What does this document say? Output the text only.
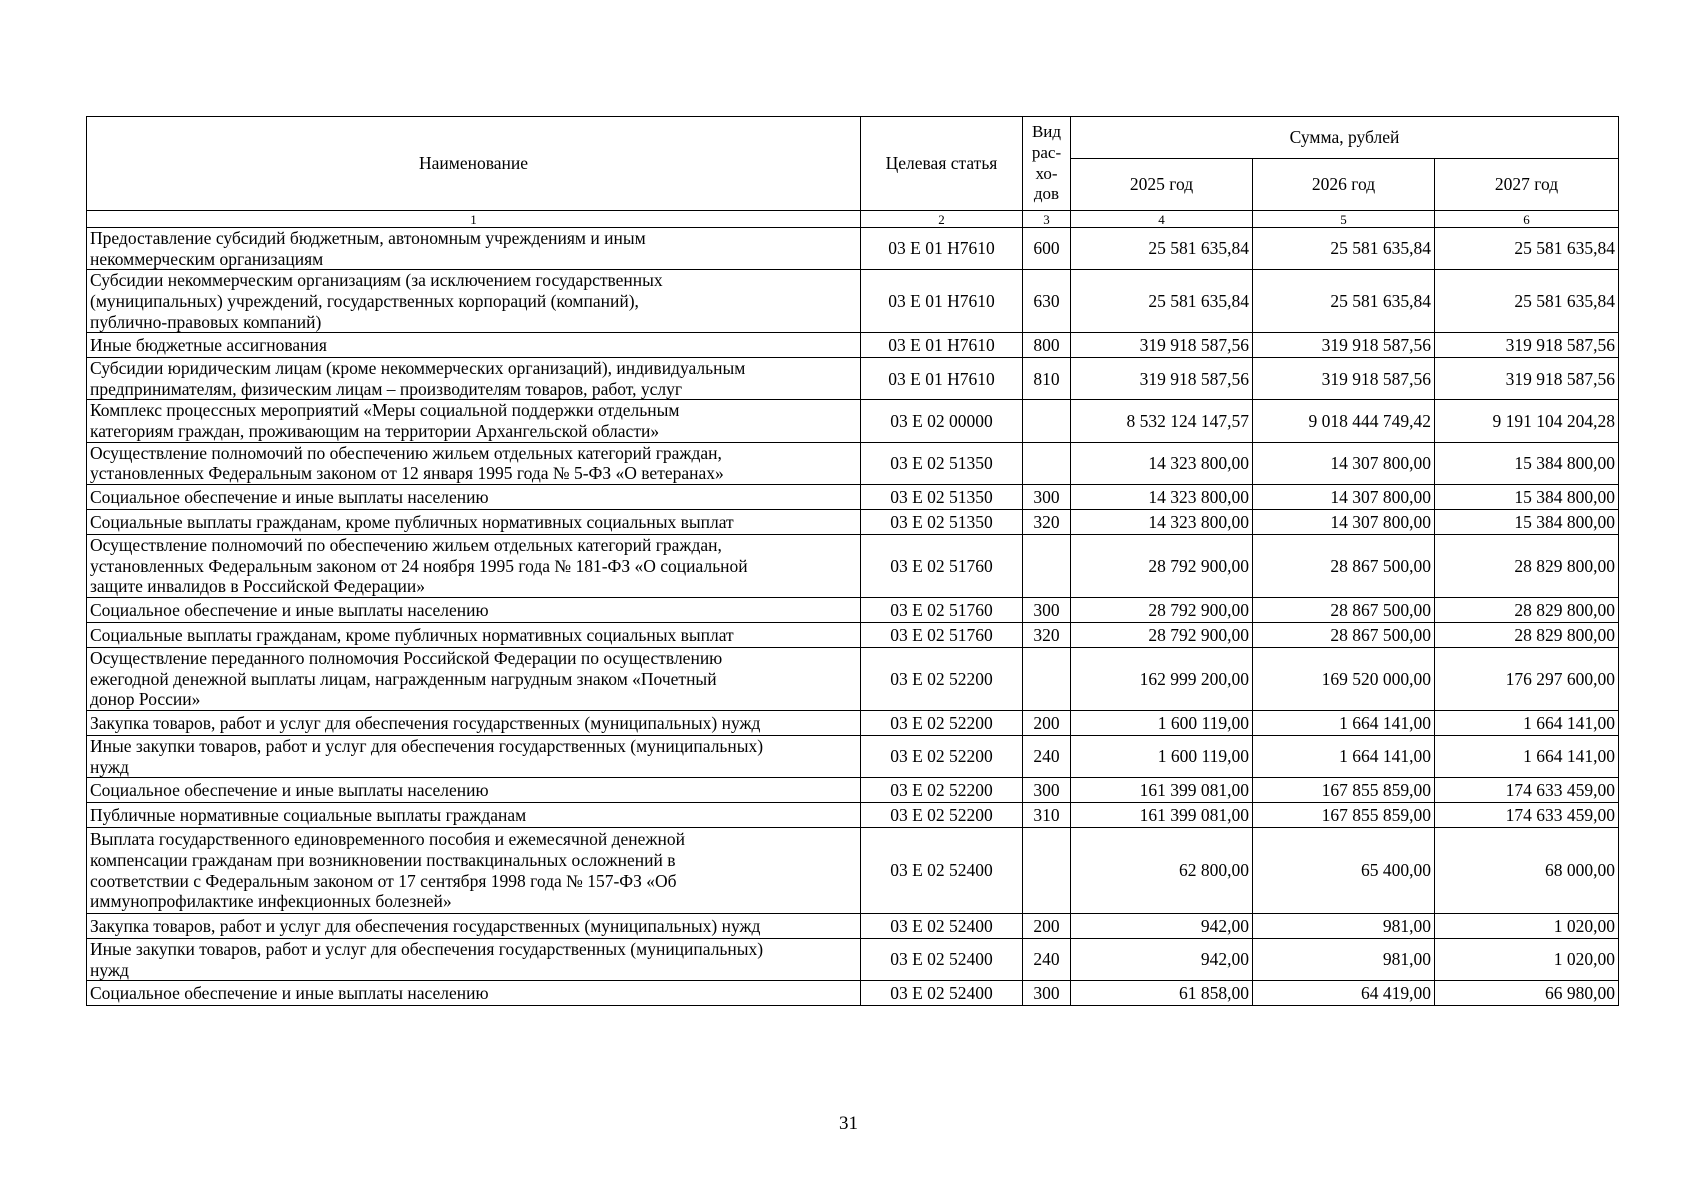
Наименование	Целевая статья	Вид
рас-
хо-
дов	Сумма, рублей		
			2025 год	2026 год	2027 год
1	2	3	4	5	6

Предоставление субсидий бюджетным, автономным учреждениям и иным
некоммерческим организациям	03 Е 01 Н7610	600	25 581 635,84	25 581 635,84	25 581 635,84

Субсидии некоммерческим организациям (за исключением государственных
(муниципальных) учреждений, государственных корпораций (компаний),
публично-правовых компаний)	03 Е 01 Н7610	630	25 581 635,84	25 581 635,84	25 581 635,84

Иные бюджетные ассигнования	03 Е 01 Н7610	800	319 918 587,56	319 918 587,56	319 918 587,56

Субсидии юридическим лицам (кроме некоммерческих организаций), индивидуальным
предпринимателям, физическим лицам – производителям товаров, работ, услуг	03 Е 01 Н7610	810	319 918 587,56	319 918 587,56	319 918 587,56

Комплекс процессных мероприятий «Меры социальной поддержки отдельным
категориям граждан, проживающим на территории Архангельской области»	03 Е 02 00000		8 532 124 147,57	9 018 444 749,42	9 191 104 204,28

Осуществление полномочий по обеспечению жильем отдельных категорий граждан,
установленных Федеральным законом от 12 января 1995 года № 5-ФЗ «О ветеранах»	03 Е 02 51350		14 323 800,00	14 307 800,00	15 384 800,00

Социальное обеспечение и иные выплаты населению	03 Е 02 51350	300	14 323 800,00	14 307 800,00	15 384 800,00

Социальные выплаты гражданам, кроме публичных нормативных социальных выплат	03 Е 02 51350	320	14 323 800,00	14 307 800,00	15 384 800,00

Осуществление полномочий по обеспечению жильем отдельных категорий граждан,
установленных Федеральным законом от 24 ноября 1995 года № 181-ФЗ «О социальной
защите инвалидов в Российской Федерации»	03 Е 02 51760		28 792 900,00	28 867 500,00	28 829 800,00

Социальное обеспечение и иные выплаты населению	03 Е 02 51760	300	28 792 900,00	28 867 500,00	28 829 800,00

Социальные выплаты гражданам, кроме публичных нормативных социальных выплат	03 Е 02 51760	320	28 792 900,00	28 867 500,00	28 829 800,00

Осуществление переданного полномочия Российской Федерации по осуществлению
ежегодной денежной выплаты лицам, награжденным нагрудным знаком «Почетный
донор России»	03 Е 02 52200		162 999 200,00	169 520 000,00	176 297 600,00

Закупка товаров, работ и услуг для обеспечения государственных (муниципальных) нужд	03 Е 02 52200	200	1 600 119,00	1 664 141,00	1 664 141,00

Иные закупки товаров, работ и услуг для обеспечения государственных (муниципальных)
нужд	03 Е 02 52200	240	1 600 119,00	1 664 141,00	1 664 141,00

Социальное обеспечение и иные выплаты населению	03 Е 02 52200	300	161 399 081,00	167 855 859,00	174 633 459,00

Публичные нормативные социальные выплаты гражданам	03 Е 02 52200	310	161 399 081,00	167 855 859,00	174 633 459,00

Выплата государственного единовременного пособия и ежемесячной денежной
компенсации гражданам при возникновении поствакцинальных осложнений в
соответствии с Федеральным законом от 17 сентября 1998 года № 157-ФЗ «Об
иммунопрофилактике инфекционных болезней»	03 Е 02 52400		62 800,00	65 400,00	68 000,00

Закупка товаров, работ и услуг для обеспечения государственных (муниципальных) нужд	03 Е 02 52400	200	942,00	981,00	1 020,00

Иные закупки товаров, работ и услуг для обеспечения государственных (муниципальных)
нужд	03 Е 02 52400	240	942,00	981,00	1 020,00

Социальное обеспечение и иные выплаты населению	03 Е 02 52400	300	61 858,00	64 419,00	66 980,00
31
